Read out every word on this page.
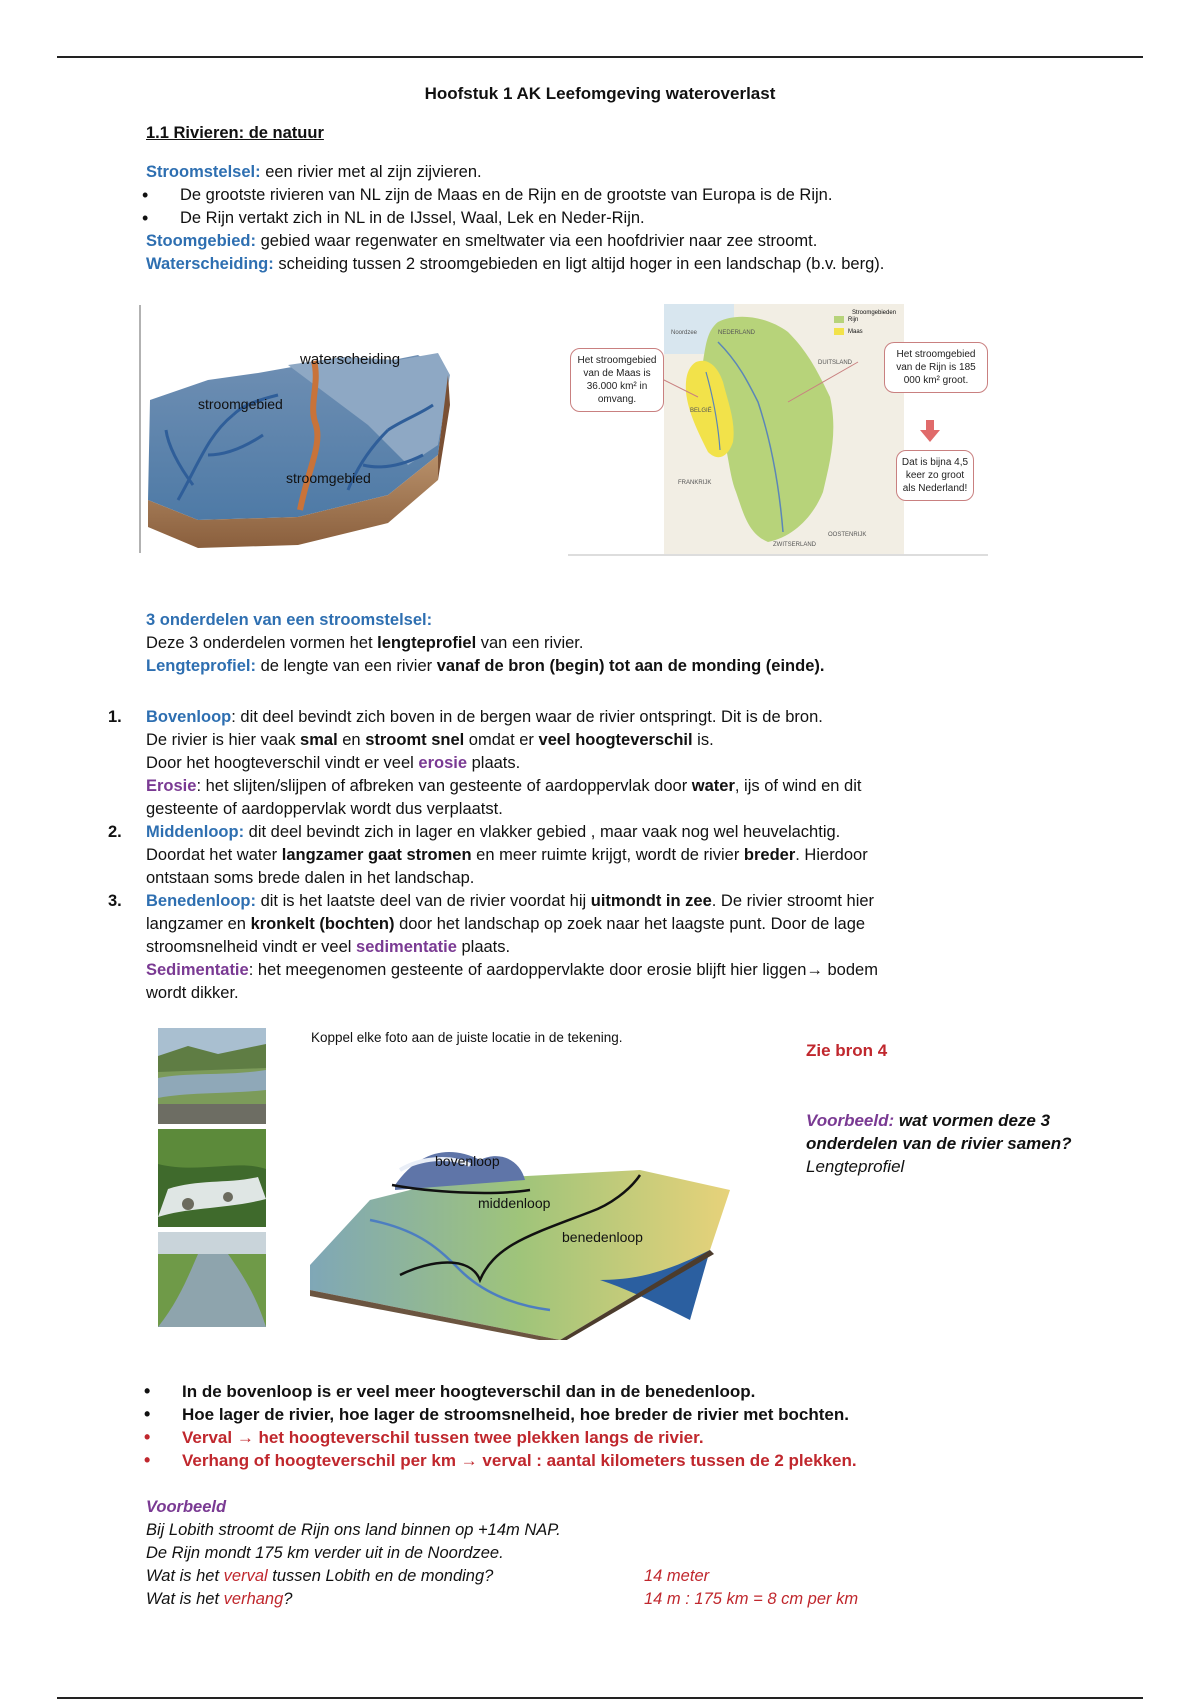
Hoofstuk 1 AK Leefomgeving wateroverlast
1.1 Rivieren: de natuur
Stroomstelsel: een rivier met al zijn zijvieren.
• De grootste rivieren van NL zijn de Maas en de Rijn en de grootste van Europa is de Rijn.
• De Rijn vertakt zich in NL in de IJssel, Waal, Lek en Neder-Rijn.
Stoomgebied: gebied waar regenwater en smeltwater via een hoofdrivier naar zee stroomt.
Waterscheiding: scheiding tussen 2 stroomgebieden en ligt altijd hoger in een landschap (b.v. berg).
waterscheiding
stroomgebied
stroomgebied
Stroomgebieden
Rijn
Maas
Noordzee	NEDERLAND
DUITSLAND
BELGIË
FRANKRIJK
ZWITSERLAND
OOSTENRIJK
Het stroomgebied van de Maas is 36.000 km² in omvang.
Het stroomgebied van de Rijn is 185 000 km² groot.
Dat is bijna 4,5 keer zo groot als Nederland!
3 onderdelen van een stroomstelsel:
Deze 3 onderdelen vormen het lengteprofiel van een rivier.
Lengteprofiel: de lengte van een rivier vanaf de bron (begin) tot aan de monding (einde).
1. Bovenloop: dit deel bevindt zich boven in de bergen waar de rivier ontspringt. Dit is de bron.
De rivier is hier vaak smal en stroomt snel omdat er veel hoogteverschil is.
Door het hoogteverschil vindt er veel erosie plaats.
Erosie: het slijten/slijpen of afbreken van gesteente of aardoppervlak door water, ijs of wind en dit
gesteente of aardoppervlak wordt dus verplaatst.
2. Middenloop: dit deel bevindt zich in lager en vlakker gebied , maar vaak nog wel heuvelachtig.
Doordat het water langzamer gaat stromen en meer ruimte krijgt, wordt de rivier breder. Hierdoor
ontstaan soms brede dalen in het landschap.
3. Benedenloop: dit is het laatste deel van de rivier voordat hij uitmondt in zee. De rivier stroomt hier
langzamer en kronkelt (bochten) door het landschap op zoek naar het laagste punt. Door de lage
stroomsnelheid vindt er veel sedimentatie plaats.
Sedimentatie: het meegenomen gesteente of aardoppervlakte door erosie blijft hier liggen→ bodem
wordt dikker.
Koppel elke foto aan de juiste locatie in de tekening.
bovenloop
middenloop
benedenloop
Zie bron 4
Voorbeeld: wat vormen deze 3
onderdelen van de rivier samen?
Lengteprofiel
• In de bovenloop is er veel meer hoogteverschil dan in de benedenloop.
• Hoe lager de rivier, hoe lager de stroomsnelheid, hoe breder de rivier met bochten.
• Verval → het hoogteverschil tussen twee plekken langs de rivier.
• Verhang of hoogteverschil per km → verval : aantal kilometers tussen de 2 plekken.
Voorbeeld
Bij Lobith stroomt de Rijn ons land binnen op +14m NAP.
De Rijn mondt 175 km verder uit in de Noordzee.
Wat is het verval tussen Lobith en de monding?	14 meter
Wat is het verhang?	14 m : 175 km = 8 cm per km
